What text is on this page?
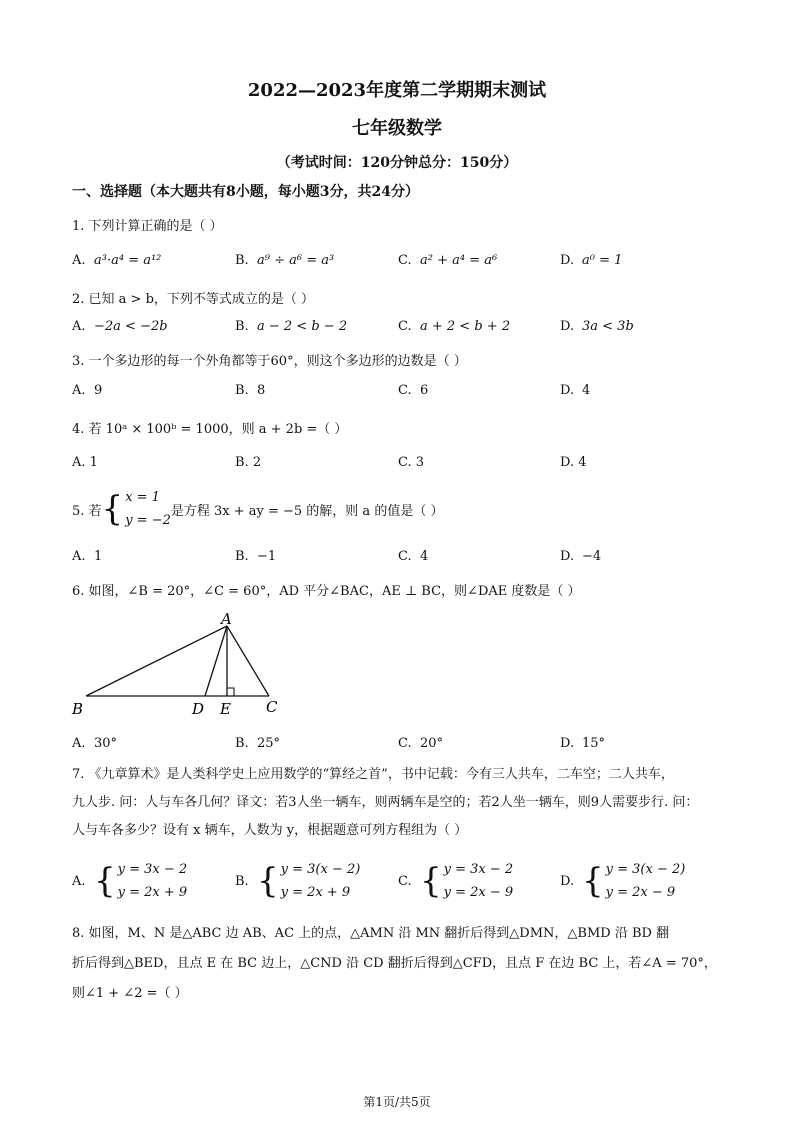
2022—2023年度第二学期期末测试
七年级数学
（考试时间：120分钟总分：150分）
一、选择题（本大题共有8小题，每小题3分，共24分）
1. 下列计算正确的是（ ）
A. a³·a⁴ = a¹²	B. a⁹ ÷ a⁶ = a³	C. a² + a⁴ = a⁶	D. a⁰ = 1
2. 已知 a > b，下列不等式成立的是（ ）
A. −2a < −2b	B. a − 2 < b − 2	C. a + 2 < b + 2	D. 3a < 3b
3. 一个多边形的每一个外角都等于60°，则这个多边形的边数是（ ）
A. 9	B. 8	C. 6	D. 4
4. 若 10ᵃ × 100ᵇ = 1000，则 a + 2b =（ ）
A. 1	B. 2	C. 3	D. 4
5. 若 { x = 1
y = −2
是方程 3x + ay = −5 的解，则 a 的值是（ ）
A. 1	B. −1	C. 4	D. −4
6. 如图，∠B = 20°，∠C = 60°，AD 平分∠BAC，AE ⊥ BC，则∠DAE 度数是（ ）
A
B	D E C
A. 30°	B. 25°	C. 20°	D. 15°
7. 《九章算术》是人类科学史上应用数学的“算经之首”，书中记载：今有三人共车，二车空；二人共车，
九人步. 问：人与车各几何？译文：若3人坐一辆车，则两辆车是空的；若2人坐一辆车，则9人需要步行. 问：
人与车各多少？设有 x 辆车，人数为 y，根据题意可列方程组为（ ）
A. { y = 3x − 2
y = 2x + 9
B. { y = 3(x − 2)
y = 2x + 9
C. { y = 3x − 2
y = 2x − 9
D. { y = 3(x − 2)
y = 2x − 9
8. 如图，M、N 是△ABC 边 AB、AC 上的点，△AMN 沿 MN 翻折后得到△DMN，△BMD 沿 BD 翻
折后得到△BED，且点 E 在 BC 边上，△CND 沿 CD 翻折后得到△CFD，且点 F 在边 BC 上，若∠A = 70°，
则∠1 + ∠2 =（ ）
第1页/共5页
